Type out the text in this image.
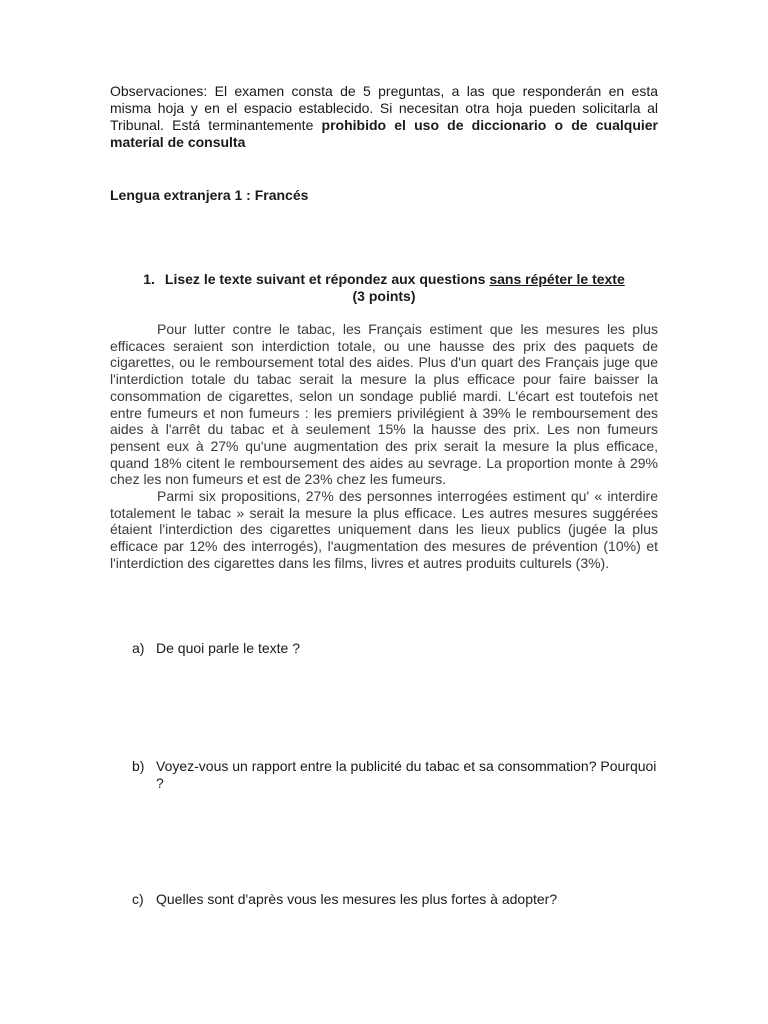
Observaciones: El examen consta de 5 preguntas, a las que responderán en esta misma hoja y en el espacio establecido. Si necesitan otra hoja pueden solicitarla al Tribunal. Está terminantemente prohibido el uso de diccionario o de cualquier material de consulta
Lengua extranjera 1 : Francés
1. Lisez le texte suivant et répondez aux questions sans répéter le texte
(3 points)

Pour lutter contre le tabac, les Français estiment que les mesures les plus efficaces seraient son interdiction totale, ou une hausse des prix des paquets de cigarettes, ou le remboursement total des aides. Plus d'un quart des Français juge que l'interdiction totale du tabac serait la mesure la plus efficace pour faire baisser la consommation de cigarettes, selon un sondage publié mardi. L'écart est toutefois net entre fumeurs et non fumeurs : les premiers privilégient à 39% le remboursement des aides à l'arrêt du tabac et à seulement 15% la hausse des prix. Les non fumeurs pensent eux à 27% qu'une augmentation des prix serait la mesure la plus efficace, quand 18% citent le remboursement des aides au sevrage. La proportion monte à 29% chez les non fumeurs et est de 23% chez les fumeurs.

Parmi six propositions, 27% des personnes interrogées estiment qu' « interdire totalement le tabac » serait la mesure la plus efficace. Les autres mesures suggérées étaient l'interdiction des cigarettes uniquement dans les lieux publics (jugée la plus efficace par 12% des interrogés), l'augmentation des mesures de prévention (10%) et l'interdiction des cigarettes dans les films, livres et autres produits culturels (3%).

a) De quoi parle le texte ?
b) Voyez-vous un rapport entre la publicité du tabac et sa consommation? Pourquoi ?
c) Quelles sont d'après vous les mesures les plus fortes à adopter?
